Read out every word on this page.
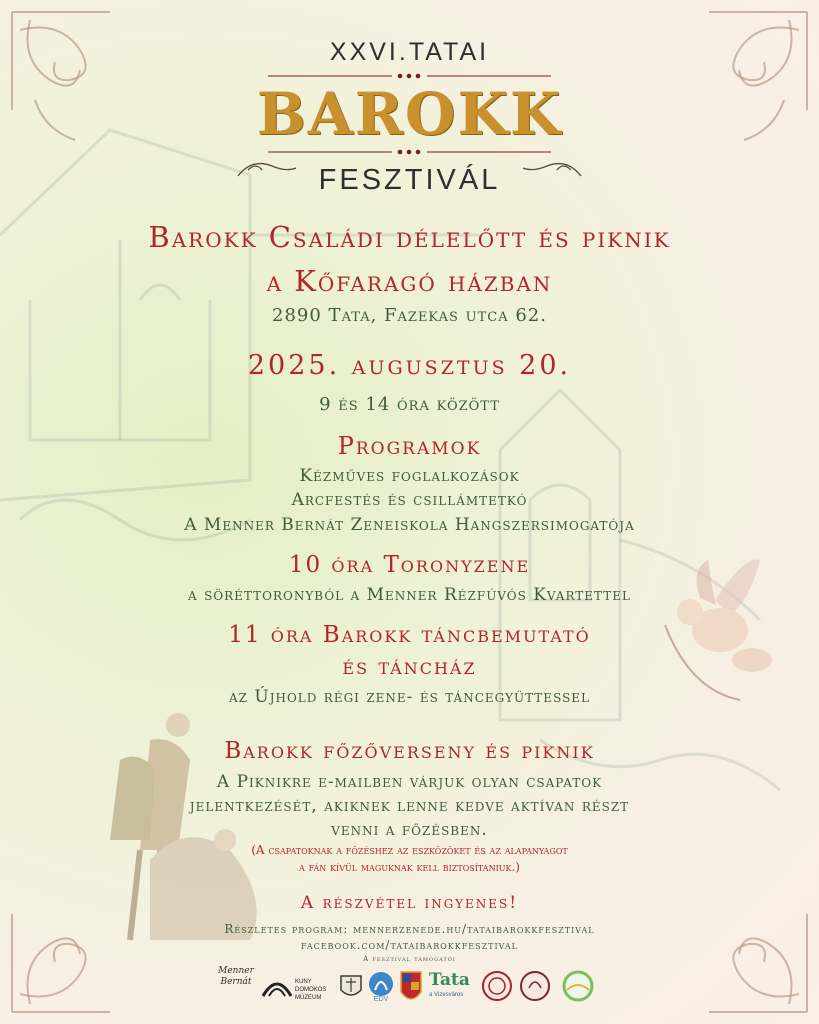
XXVI.TATAI
BAROKK
FESZTIVÁL
Barokk Családi délelőtt és piknik
a Kőfaragó házban
2890 Tata, Fazekas utca 62.
2025. augusztus 20.
9 és 14 óra között
Programok
Kézműves foglalkozások
Arcfestés és csillámtetkó
A Menner Bernát Zeneiskola Hangszersimogatója
10 óra Toronyzene
a söréttoronyból a Menner Rézfúvós Kvartettel
11 óra Barokk táncbemutató
és táncház
az Újhold régi zene- és táncegyüttessel
Barokk főzőverseny és piknik
A Piknikre e-mailben várjuk olyan csapatok
jelentkezését, akiknek lenne kedve aktívan részt
venni a főzésben.
(A csapatoknak a főzéshez az eszközöket és az alapanyagot
a fán kívül maguknak kell biztosítaniuk.)
A részvétel ingyenes!
Részletes program: mennerzenede.hu/tataibarokkfesztival
facebook.com/tataibarokkfesztival
A fesztivál támogatói
Menner Bernát	KUNY DOMOKOS MÚZEUM	EDV
Tata
a Vizesváros
